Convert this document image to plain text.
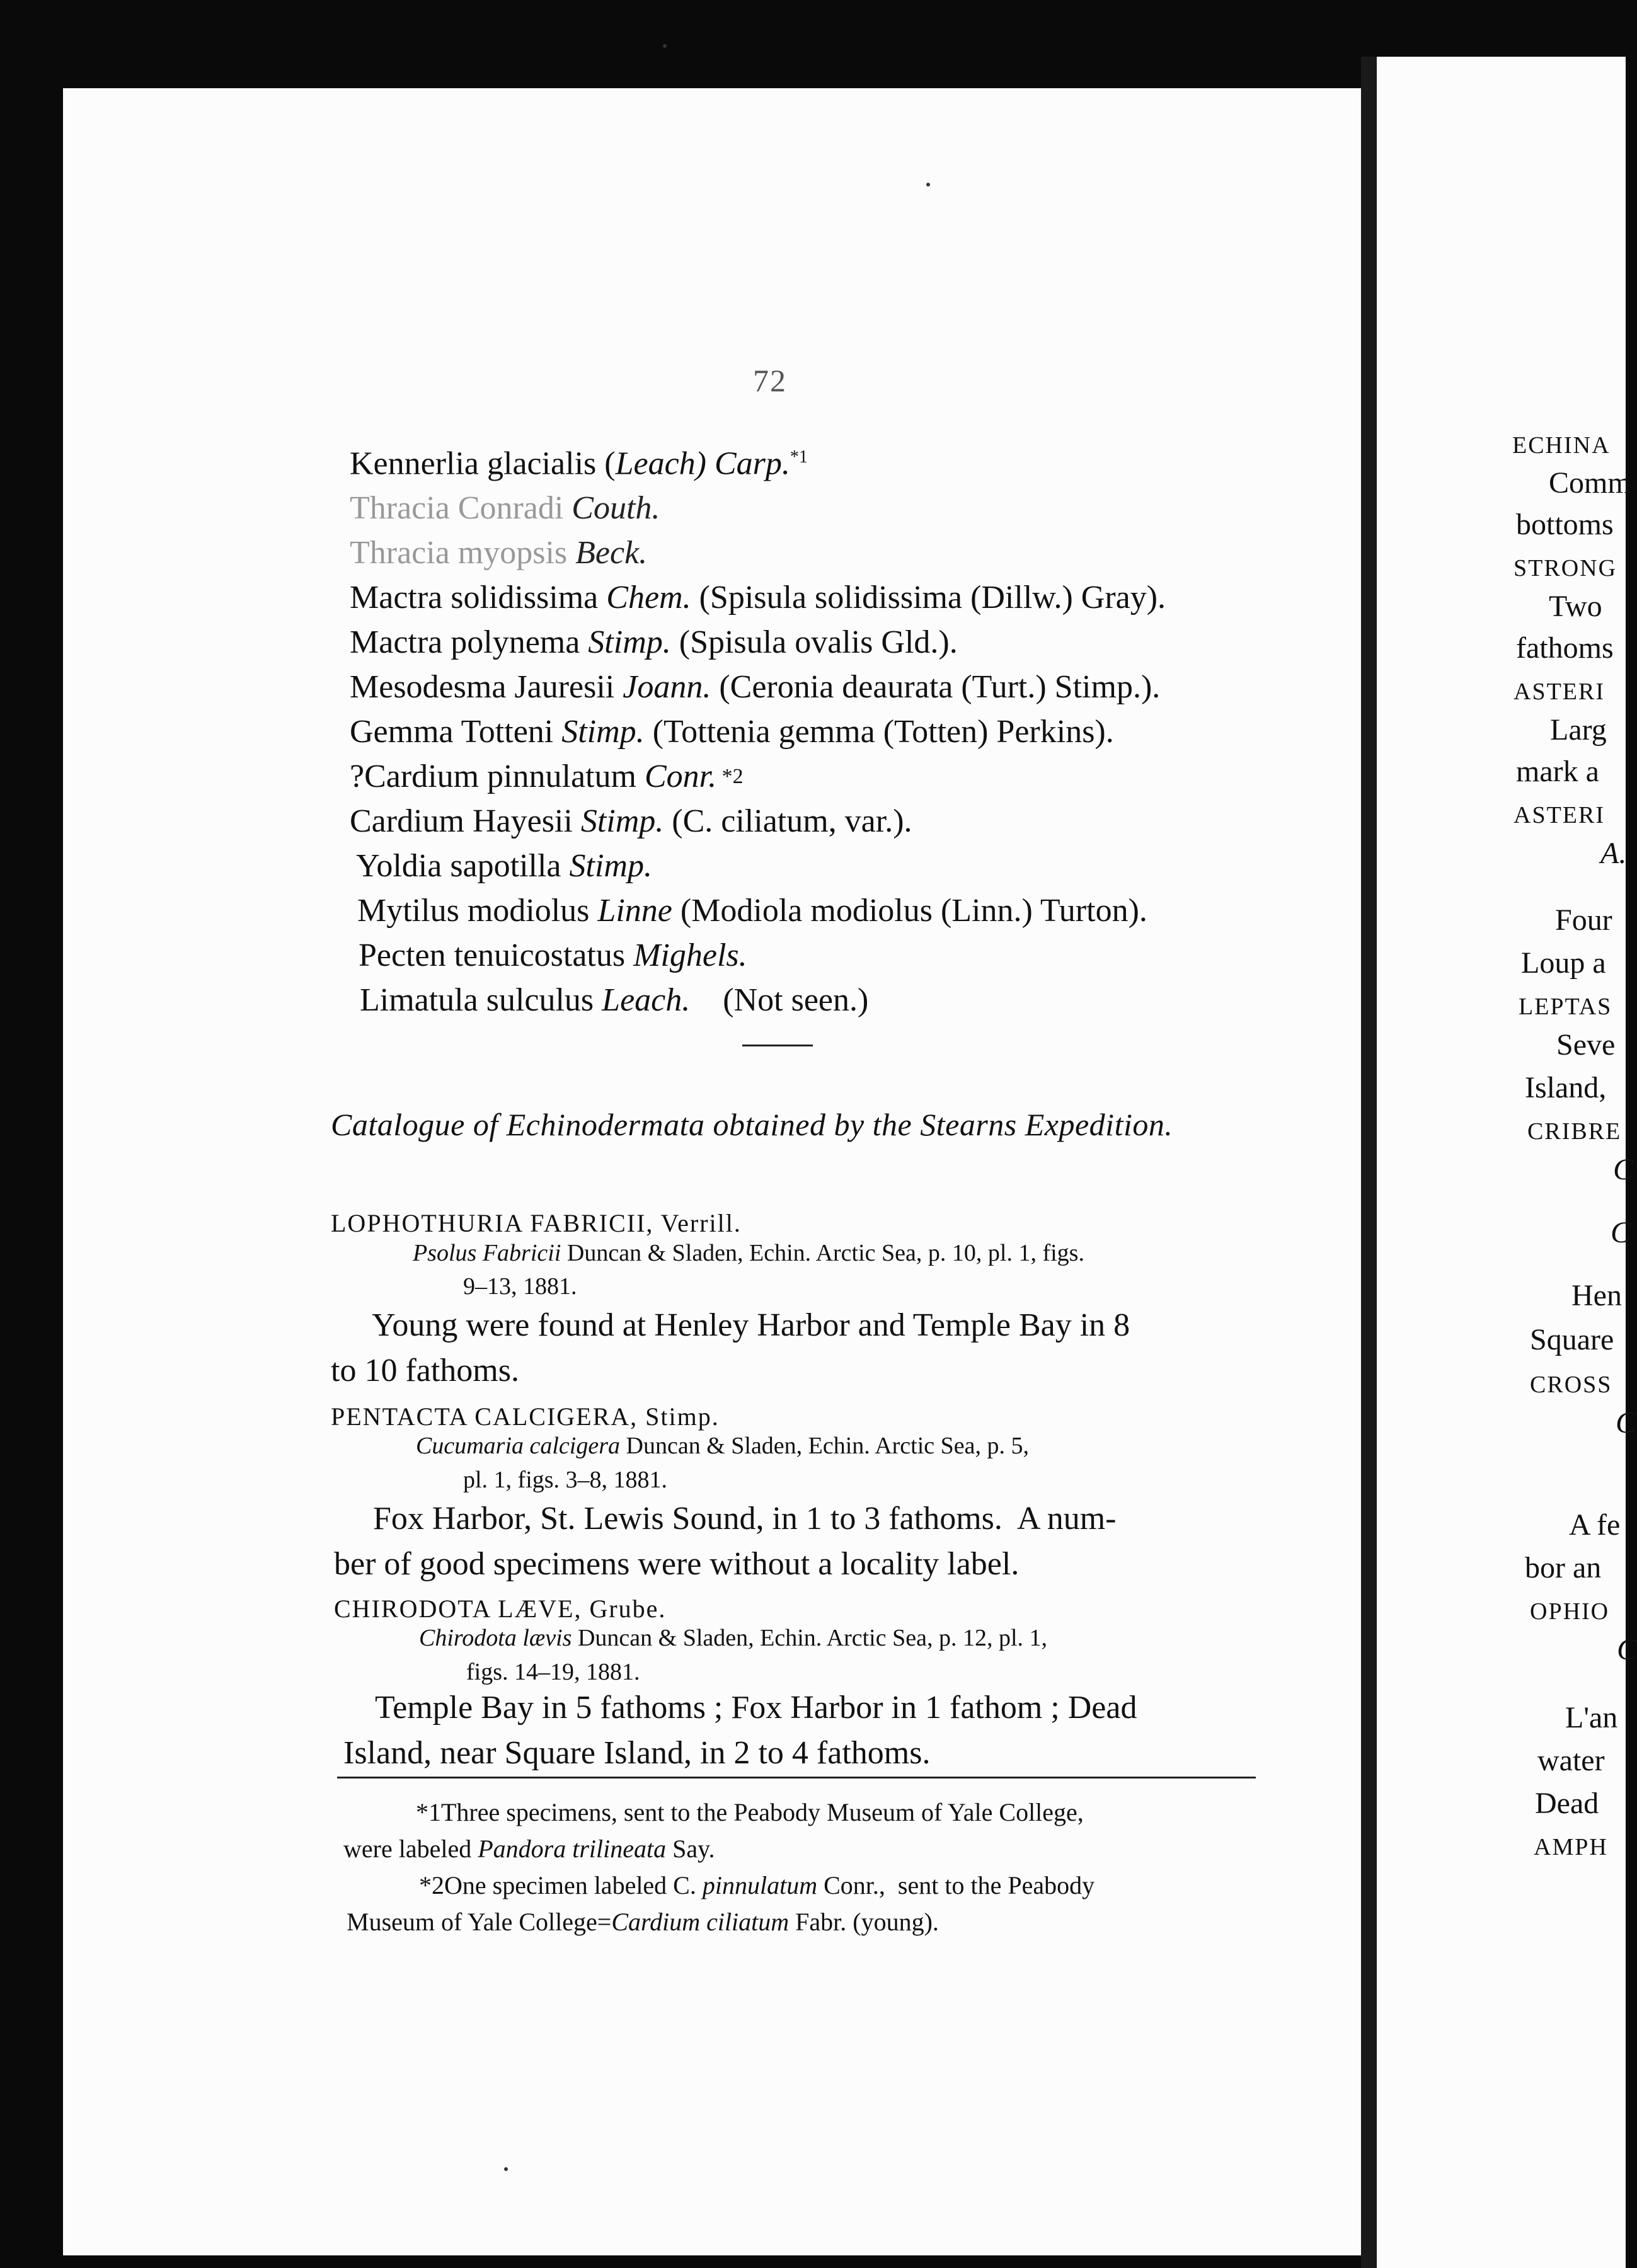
72
Kennerlia glacialis (Leach) Carp.$^{*1}$
Thracia Conradi Couth.
Thracia myopsis Beck.
Mactra solidissima Chem. (Spisula solidissima (Dillw.) Gray).
Mactra polynema Stimp. (Spisula ovalis Gld.).
Mesodesma Jauresii Joann. (Ceronia deaurata (Turt.) Stimp.).
Gemma Totteni Stimp. (Tottenia gemma (Totten) Perkins).
?Cardium pinnulatum Conr. $^{*2}$
Cardium Hayesii Stimp. (C. ciliatum, var.).
Yoldia sapotilla Stimp.
Mytilus modiolus Linne (Modiola modiolus (Linn.) Turton).
Pecten tenuicostatus Mighels.
Limatula sulculus Leach.    (Not seen.)
Catalogue of Echinodermata obtained by the Stearns Expedition.
LOPHOTHURIA FABRICII, Verrill.
Psolus Fabricii Duncan & Sladen, Echin. Arctic Sea, p. 10, pl. 1, figs.
9–13, 1881.
Young were found at Henley Harbor and Temple Bay in 8
to 10 fathoms.
PENTACTA CALCIGERA, Stimp.
Cucumaria calcigera Duncan & Sladen, Echin. Arctic Sea, p. 5,
pl. 1, figs. 3–8, 1881.
Fox Harbor, St. Lewis Sound, in 1 to 3 fathoms.  A num-
ber of good specimens were without a locality label.
CHIRODOTA LÆVE, Grube.
Chirodota lævis Duncan & Sladen, Echin. Arctic Sea, p. 12, pl. 1,
figs. 14–19, 1881.
Temple Bay in 5 fathoms ; Fox Harbor in 1 fathom ; Dead
Island, near Square Island, in 2 to 4 fathoms.
*1Three specimens, sent to the Peabody Museum of Yale College,
were labeled Pandora trilineata Say.
*2One specimen labeled C. pinnulatum Conr.,  sent to the Peabody
Museum of Yale College=Cardium ciliatum Fabr. (young).
ECHINA
Comm
bottoms
STRONG
Two
fathoms
ASTERI
Larg
mark a
ASTERI
A.
Four
Loup a
LEPTAS
Seve
Island,
CRIBRE
C
C
Hen
Square
CROSS
C
A fe
bor an
OPHIO
C
L'an
water
Dead
AMPH
